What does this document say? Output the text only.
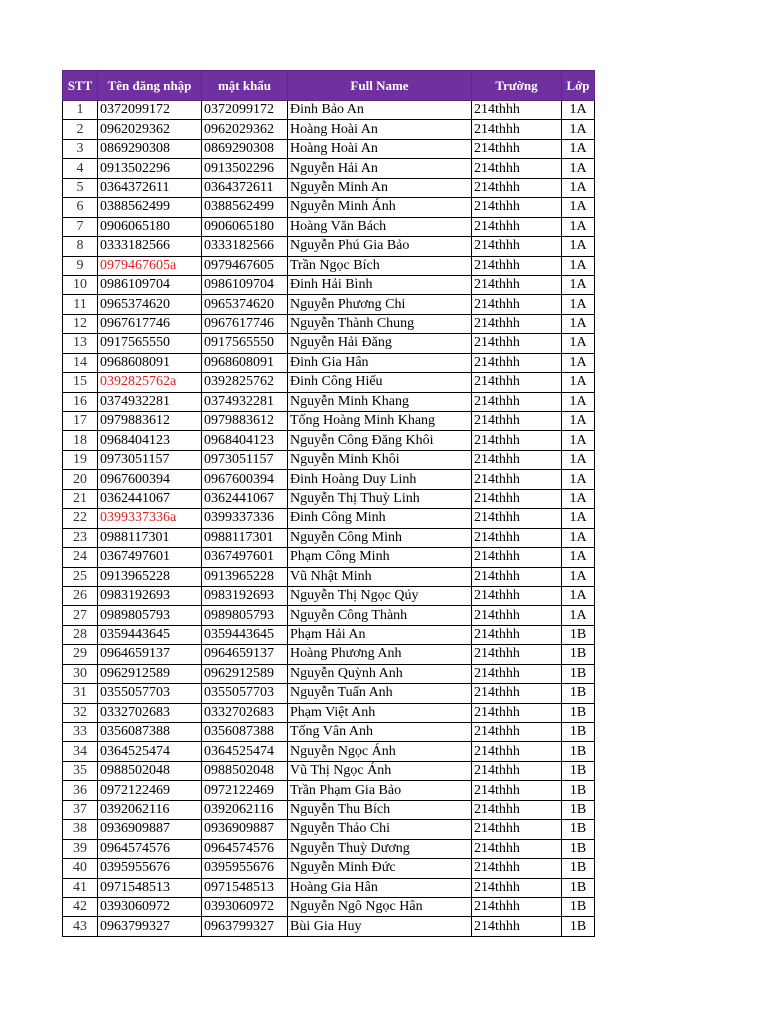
STT	Tên đăng nhập	mật khẩu	Full Name	Trường	Lớp
1	0372099172	0372099172	Đinh Bảo An	214thhh	1A
2	0962029362	0962029362	Hoàng Hoài An	214thhh	1A
3	0869290308	0869290308	Hoàng Hoài An	214thhh	1A
4	0913502296	0913502296	Nguyễn Hải An	214thhh	1A
5	0364372611	0364372611	Nguyễn Minh An	214thhh	1A
6	0388562499	0388562499	Nguyễn Minh Ánh	214thhh	1A
7	0906065180	0906065180	Hoàng Văn Bách	214thhh	1A
8	0333182566	0333182566	Nguyễn Phú Gia Bảo	214thhh	1A
9	0979467605a	0979467605	Trần Ngọc Bích	214thhh	1A
10	0986109704	0986109704	Đinh Hải Bình	214thhh	1A
11	0965374620	0965374620	Nguyễn Phương Chi	214thhh	1A
12	0967617746	0967617746	Nguyễn Thành Chung	214thhh	1A
13	0917565550	0917565550	Nguyễn Hải Đăng	214thhh	1A
14	0968608091	0968608091	Đinh Gia Hân	214thhh	1A
15	0392825762a	0392825762	Đinh Công Hiếu	214thhh	1A
16	0374932281	0374932281	Nguyễn Minh Khang	214thhh	1A
17	0979883612	0979883612	Tống Hoàng Minh Khang	214thhh	1A
18	0968404123	0968404123	Nguyễn Công Đăng Khôi	214thhh	1A
19	0973051157	0973051157	Nguyễn Minh Khôi	214thhh	1A
20	0967600394	0967600394	Đinh Hoàng Duy Linh	214thhh	1A
21	0362441067	0362441067	Nguyễn Thị Thuỳ Linh	214thhh	1A
22	0399337336a	0399337336	Đinh Công Minh	214thhh	1A
23	0988117301	0988117301	Nguyễn Công Minh	214thhh	1A
24	0367497601	0367497601	Phạm Công Minh	214thhh	1A
25	0913965228	0913965228	Vũ Nhật Minh	214thhh	1A
26	0983192693	0983192693	Nguyễn Thị Ngọc Qúy	214thhh	1A
27	0989805793	0989805793	Nguyễn Công Thành	214thhh	1A
28	0359443645	0359443645	Phạm Hải An	214thhh	1B
29	0964659137	0964659137	Hoàng Phương Anh	214thhh	1B
30	0962912589	0962912589	Nguyễn Quỳnh Anh	214thhh	1B
31	0355057703	0355057703	Nguyễn Tuấn Anh	214thhh	1B
32	0332702683	0332702683	Phạm Việt Anh	214thhh	1B
33	0356087388	0356087388	Tống Vân Anh	214thhh	1B
34	0364525474	0364525474	Nguyễn Ngọc Ánh	214thhh	1B
35	0988502048	0988502048	Vũ Thị Ngọc Ánh	214thhh	1B
36	0972122469	0972122469	Trần Phạm Gia Bảo	214thhh	1B
37	0392062116	0392062116	Nguyễn Thu Bích	214thhh	1B
38	0936909887	0936909887	Nguyễn Thảo Chi	214thhh	1B
39	0964574576	0964574576	Nguyễn Thuỳ Dương	214thhh	1B
40	0395955676	0395955676	Nguyễn Minh Đức	214thhh	1B
41	0971548513	0971548513	Hoàng Gia Hân	214thhh	1B
42	0393060972	0393060972	Nguyễn Ngô Ngọc Hân	214thhh	1B
43	0963799327	0963799327	Bùi Gia Huy	214thhh	1B
